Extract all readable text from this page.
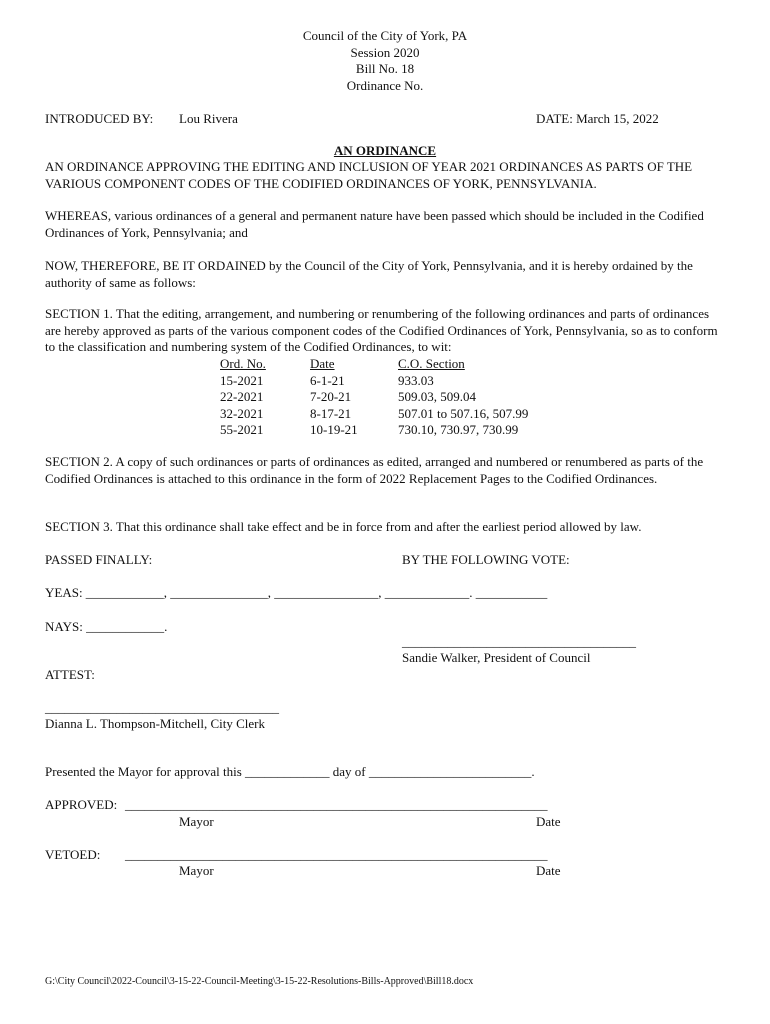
Council of the City of York, PA
Session 2020
Bill No. 18
Ordinance No.
INTRODUCED BY: Lou Rivera	DATE: March 15, 2022
AN ORDINANCE
AN ORDINANCE APPROVING THE EDITING AND INCLUSION OF YEAR 2021 ORDINANCES AS PARTS OF THE VARIOUS COMPONENT CODES OF THE CODIFIED ORDINANCES OF YORK, PENNSYLVANIA.
WHEREAS, various ordinances of a general and permanent nature have been passed which should be included in the Codified Ordinances of York, Pennsylvania; and
NOW, THEREFORE, BE IT ORDAINED by the Council of the City of York, Pennsylvania, and it is hereby ordained by the authority of same as follows:
SECTION 1. That the editing, arrangement, and numbering or renumbering of the following ordinances and parts of ordinances are hereby approved as parts of the various component codes of the Codified Ordinances of York, Pennsylvania, so as to conform to the classification and numbering system of the Codified Ordinances, to wit:
Ord. No.	Date	C.O. Section
15-2021	6-1-21	933.03
22-2021	7-20-21	509.03, 509.04
32-2021	8-17-21	507.01 to 507.16, 507.99
55-2021	10-19-21	730.10, 730.97, 730.99
SECTION 2. A copy of such ordinances or parts of ordinances as edited, arranged and numbered or renumbered as parts of the Codified Ordinances is attached to this ordinance in the form of 2022 Replacement Pages to the Codified Ordinances.
SECTION 3. That this ordinance shall take effect and be in force from and after the earliest period allowed by law.
PASSED FINALLY:	BY THE FOLLOWING VOTE:
YEAS: ____________, _______________, ________________, _____________. ___________
NAYS: ____________.
____________________________________
Sandie Walker, President of Council
ATTEST:
____________________________________
Dianna L. Thompson-Mitchell, City Clerk
Presented the Mayor for approval this _____________ day of _________________________.
APPROVED: _________________________________________________________________
Mayor	Date
VETOED: _________________________________________________________________
Mayor	Date
G:\City Council\2022-Council\3-15-22-Council-Meeting\3-15-22-Resolutions-Bills-Approved\Bill18.docx
